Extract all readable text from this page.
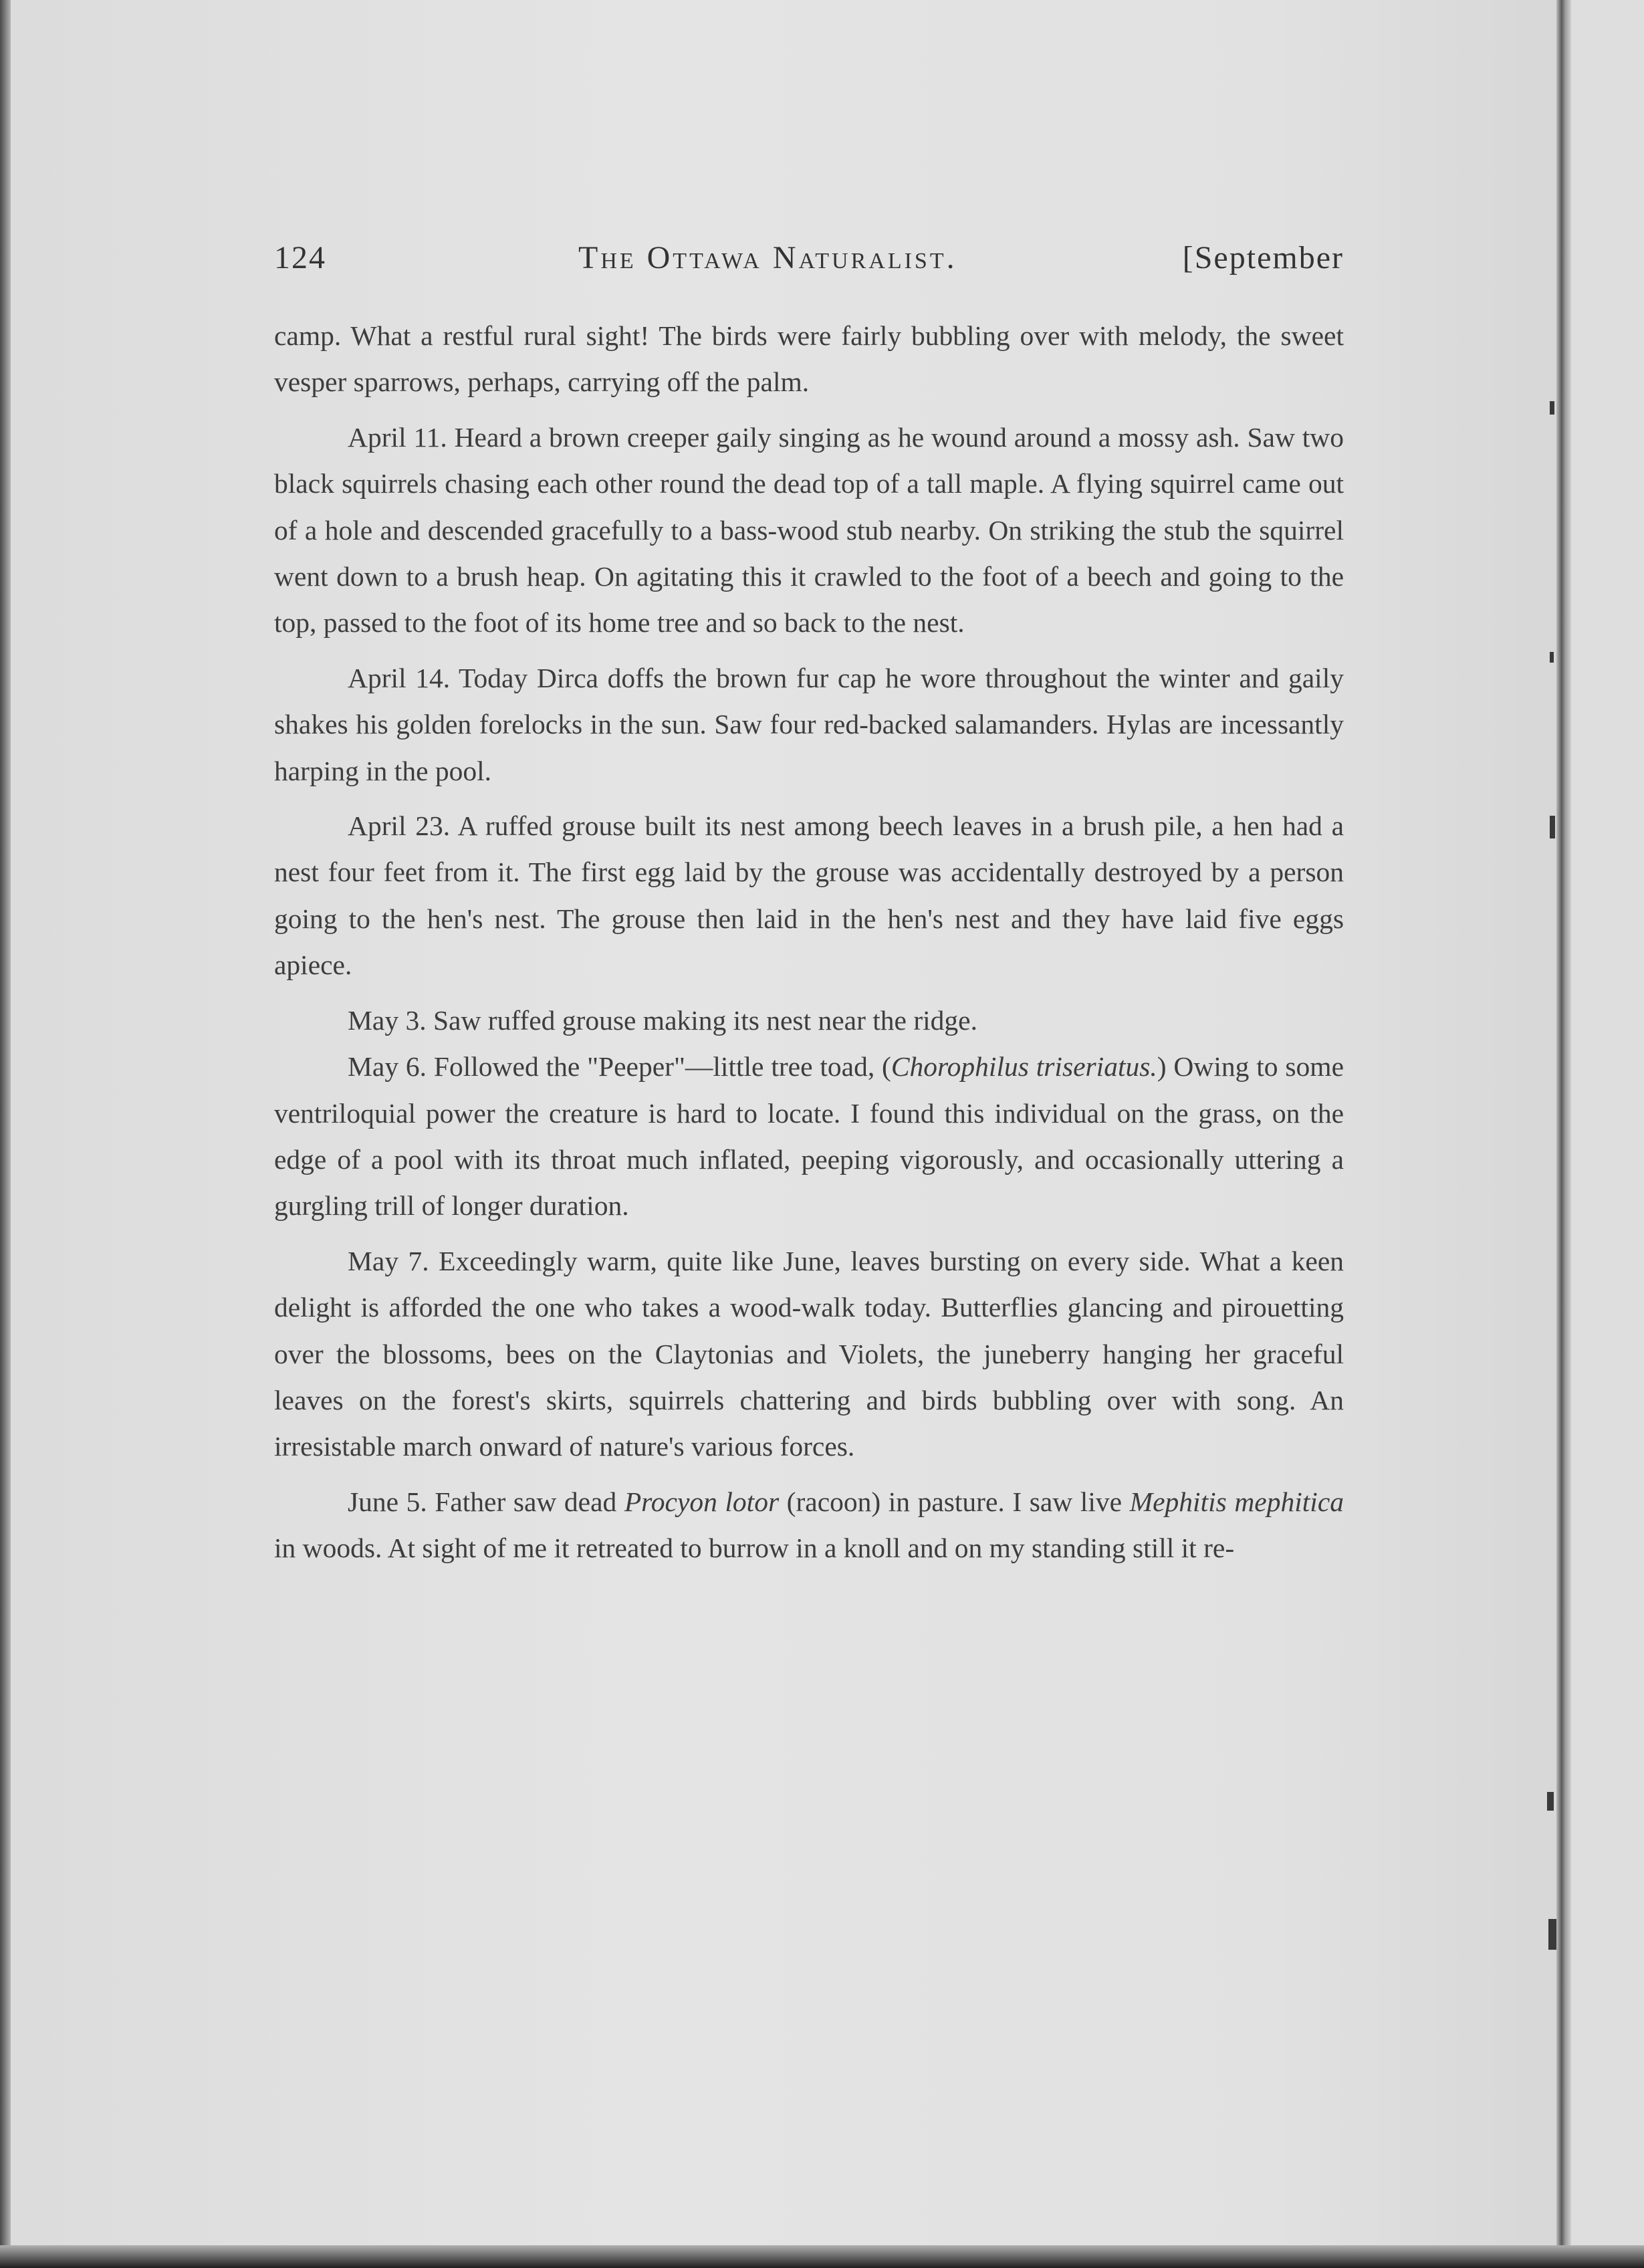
124	The Ottawa Naturalist.	[September

camp. What a restful rural sight! The birds were fairly bubbling over with melody, the sweet vesper sparrows, perhaps, carrying off the palm.

April 11. Heard a brown creeper gaily singing as he wound around a mossy ash. Saw two black squirrels chasing each other round the dead top of a tall maple. A flying squirrel came out of a hole and descended gracefully to a bass-wood stub nearby. On striking the stub the squirrel went down to a brush heap. On agitating this it crawled to the foot of a beech and going to the top, passed to the foot of its home tree and so back to the nest.

April 14. Today Dirca doffs the brown fur cap he wore throughout the winter and gaily shakes his golden forelocks in the sun. Saw four red-backed salamanders. Hylas are incessantly harping in the pool.

April 23. A ruffed grouse built its nest among beech leaves in a brush pile, a hen had a nest four feet from it. The first egg laid by the grouse was accidentally destroyed by a person going to the hen's nest. The grouse then laid in the hen's nest and they have laid five eggs apiece.

May 3. Saw ruffed grouse making its nest near the ridge.

May 6. Followed the "Peeper"—little tree toad, (Chorophilus triseriatus.) Owing to some ventriloquial power the creature is hard to locate. I found this individual on the grass, on the edge of a pool with its throat much inflated, peeping vigorously, and occasionally uttering a gurgling trill of longer duration.

May 7. Exceedingly warm, quite like June, leaves bursting on every side. What a keen delight is afforded the one who takes a wood-walk today. Butterflies glancing and pirouetting over the blossoms, bees on the Claytonias and Violets, the juneberry hanging her graceful leaves on the forest's skirts, squirrels chattering and birds bubbling over with song. An irresistable march onward of nature's various forces.

June 5. Father saw dead Procyon lotor (racoon) in pasture. I saw live Mephitis mephitica in woods. At sight of me it retreated to burrow in a knoll and on my standing still it re-
